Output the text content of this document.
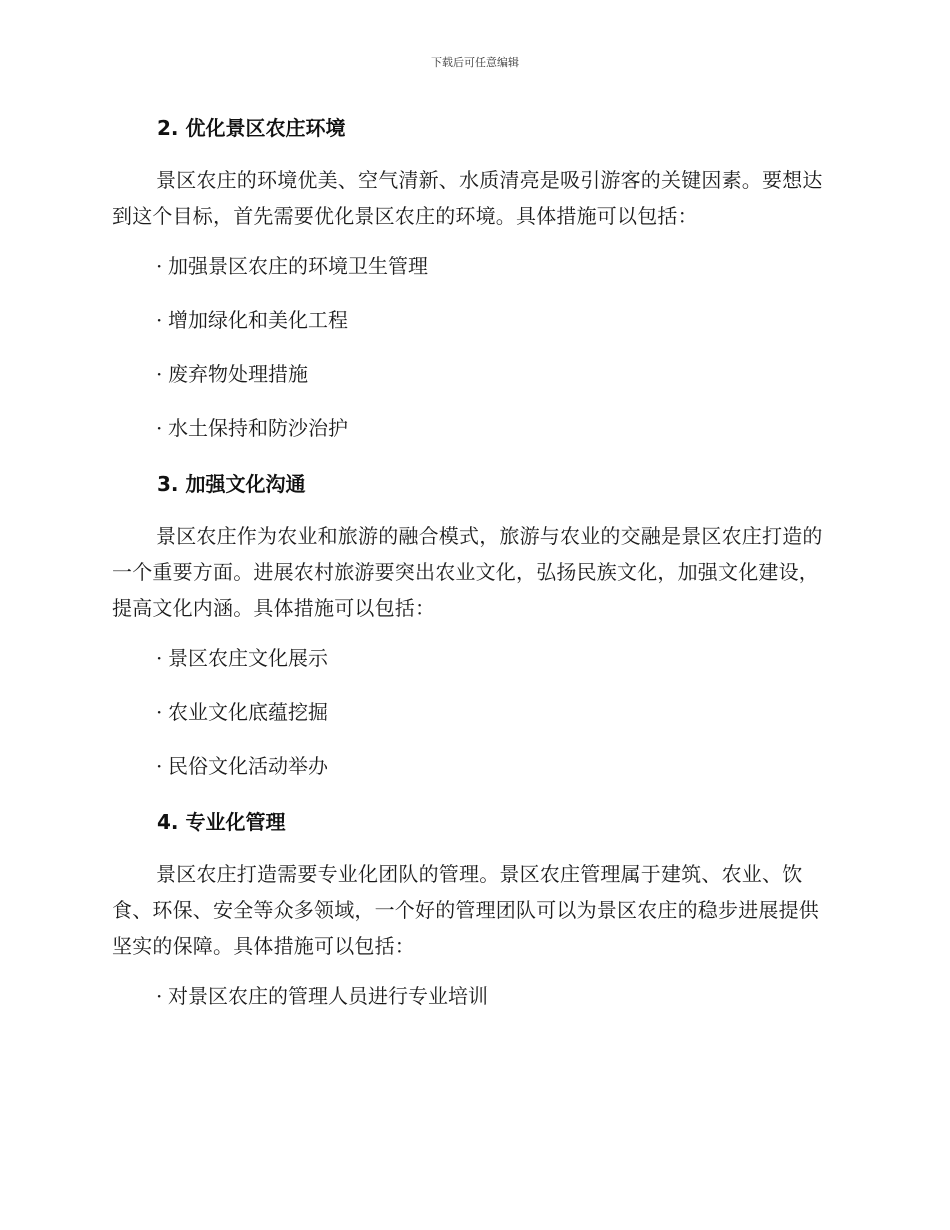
下载后可任意编辑
2. 优化景区农庄环境
景区农庄的环境优美、空气清新、水质清亮是吸引游客的关键因素。要想达到这个目标，首先需要优化景区农庄的环境。具体措施可以包括：
· 加强景区农庄的环境卫生管理
· 增加绿化和美化工程
· 废弃物处理措施
· 水土保持和防沙治护
3. 加强文化沟通
景区农庄作为农业和旅游的融合模式，旅游与农业的交融是景区农庄打造的一个重要方面。进展农村旅游要突出农业文化，弘扬民族文化，加强文化建设，提高文化内涵。具体措施可以包括：
· 景区农庄文化展示
· 农业文化底蕴挖掘
· 民俗文化活动举办
4. 专业化管理
景区农庄打造需要专业化团队的管理。景区农庄管理属于建筑、农业、饮食、环保、安全等众多领域，一个好的管理团队可以为景区农庄的稳步进展提供坚实的保障。具体措施可以包括：
· 对景区农庄的管理人员进行专业培训
